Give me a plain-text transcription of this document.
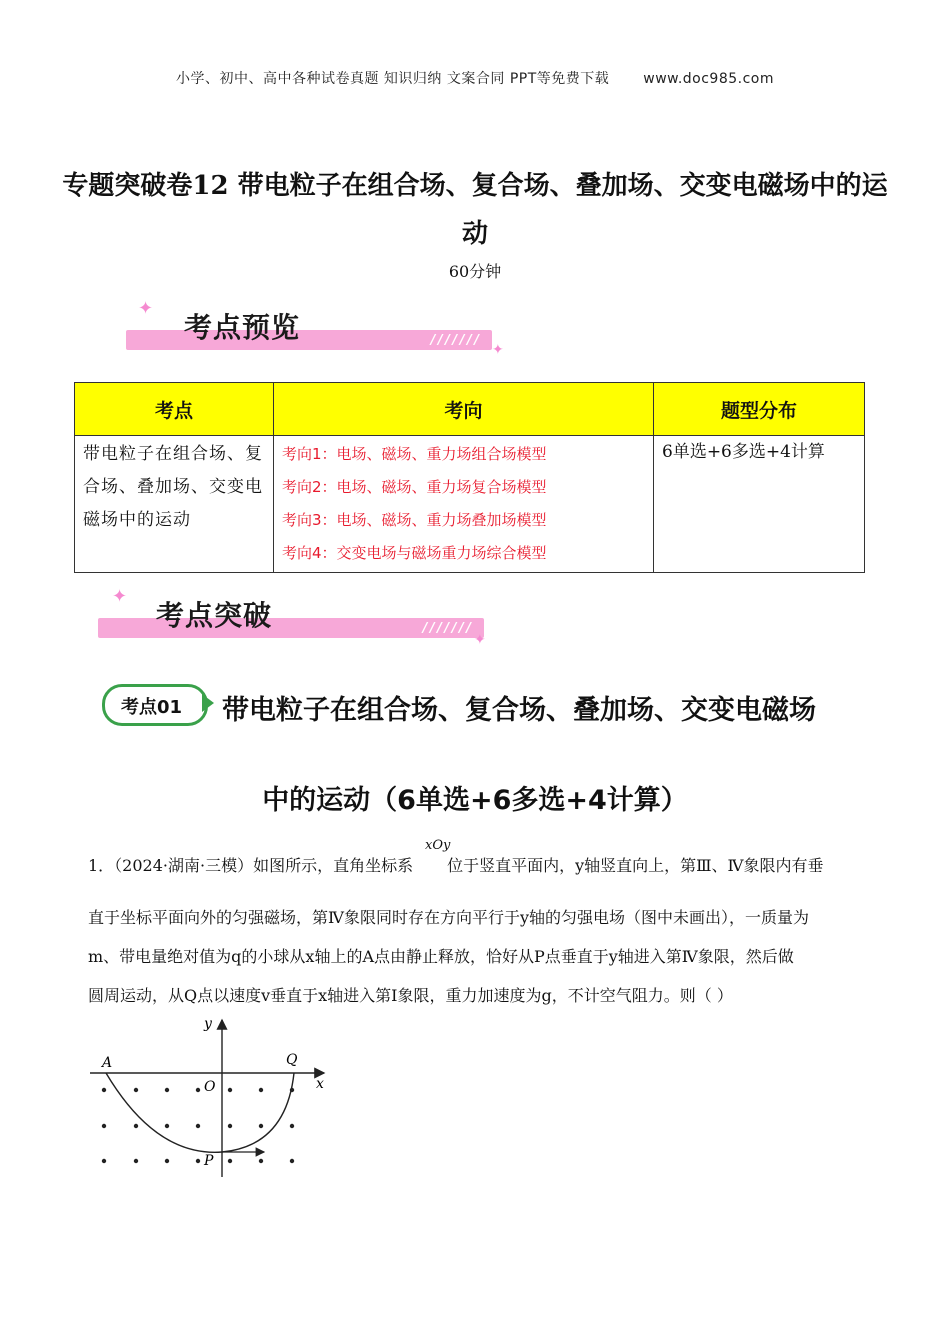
小学、初中、高中各种试卷真题 知识归纳 文案合同 PPT等免费下载 www.doc985.com
专题突破卷12 带电粒子在组合场、复合场、叠加场、交变电磁场中的运动
60分钟
✦
/ / / / / / /
考点预览
✦
考点	考向	题型分布
带电粒子在组合场、复合场、叠加场、交变电磁场中的运动	考向1：电场、磁场、重力场组合场模型
考向2：电场、磁场、重力场复合场模型
考向3：电场、磁场、重力场叠加场模型
考向4：交变电场与磁场重力场综合模型	6单选+6多选+4计算
✦
/ / / / / / /
考点突破
✦
考点01 带电粒子在组合场、复合场、叠加场、交变电磁场
中的运动（6单选+6多选+4计算）
xOy
1．（2024·湖南·三模）如图所示，直角坐标系 位于竖直平面内，y轴竖直向上，第Ⅲ、Ⅳ象限内有垂
直于坐标平面向外的匀强磁场，第Ⅳ象限同时存在方向平行于y轴的匀强电场（图中未画出），一质量为
m、带电量绝对值为q的小球从x轴上的A点由静止释放，恰好从P点垂直于y轴进入第Ⅳ象限，然后做
圆周运动，从Q点以速度v垂直于x轴进入第Ⅰ象限，重力加速度为g，不计空气阻力。则（ ）
y
x
O
A	Q
P
